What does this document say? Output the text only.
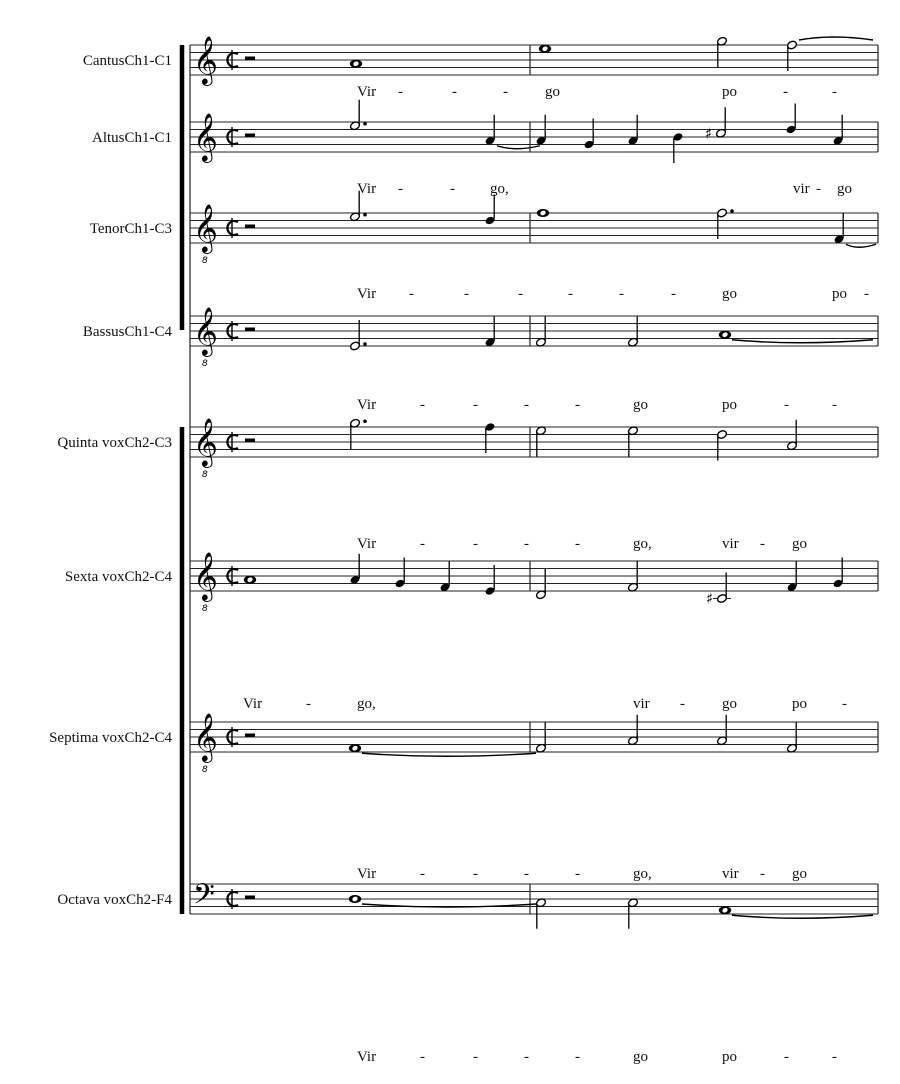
CantusCh1-C1 𝄞
Vir -	-	- go	po	-	-
AltusCh1-C1 𝄞	♯
Vir -	- go,	vir - go
TenorCh1-C3 𝄞
8
Vir -	-	-	-	-	-	go	po -
BassusCh1-C4 𝄞
8
Vir	-	-	-	-	go	po	-	-
Quinta voxCh2-C3 𝄞
8
Vir	-	-	-	-	go,	vir - go
Sexta voxCh2-C4 𝄞
8
♯
Vir	-	go,	vir - go	po -
Septima voxCh2-C4 𝄞
8
Vir	-	-	-	-	go,	vir - go
Octava voxCh2-F4 𝄢
Vir	-	-	-	-	go	po	-	-
